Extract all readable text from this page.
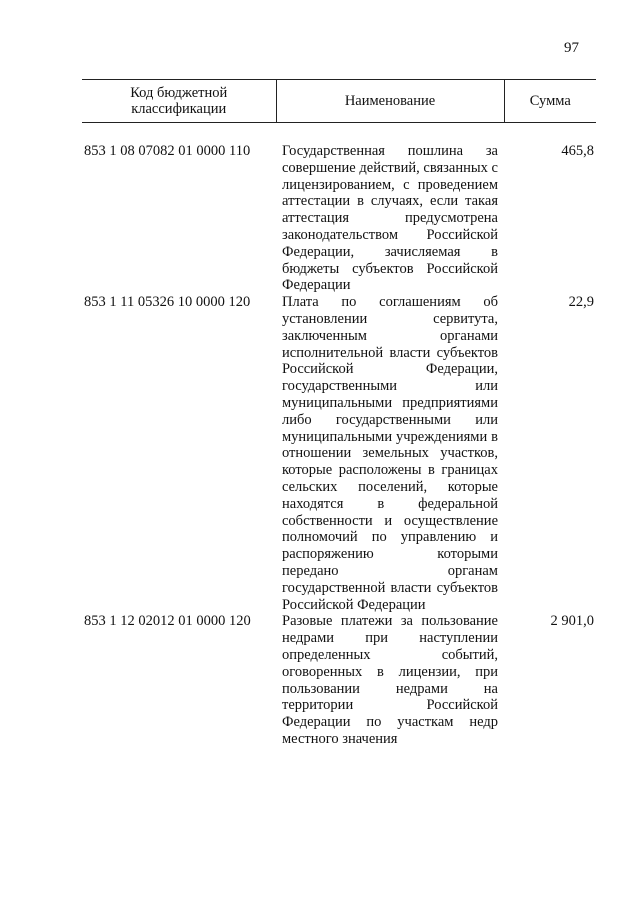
97
Код бюджетной
классификации	Наименование	Сумма

853 1 08 07082 01 0000 110	Государственная пошлина за совершение действий, связанных с лицензированием, с проведением аттестации в случаях, если такая аттестация предусмотрена законодательством Российской Федерации, зачисляемая в бюджеты субъектов Российской Федерации	465,8
853 1 11 05326 10 0000 120	Плата по соглашениям об установлении сервитута, заключенным органами исполнительной власти субъектов Российской Федерации, государственными или муниципальными предприятиями либо государственными или муниципальными учреждениями в отношении земельных участков, которые расположены в границах сельских поселений, которые находятся в федеральной собственности и осуществление полномочий по управлению и распоряжению которыми передано органам государственной власти субъектов Российской Федерации	22,9
853 1 12 02012 01 0000 120	Разовые платежи за пользование недрами при наступлении определенных событий, оговоренных в лицензии, при пользовании недрами на территории Российской Федерации по участкам недр местного значения	2 901,0
